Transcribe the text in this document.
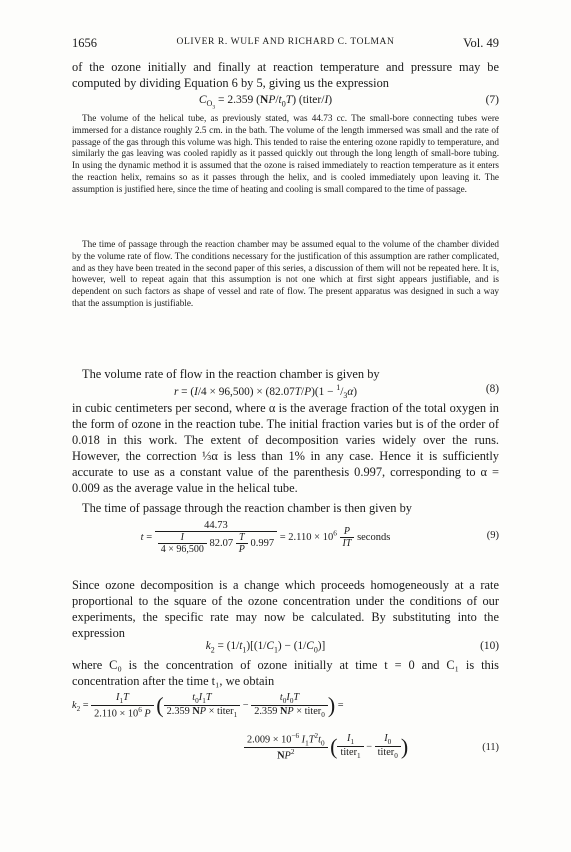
1656	OLIVER R. WULF AND RICHARD C. TOLMAN	Vol. 49

of the ozone initially and finally at reaction temperature and pressure may be computed by dividing Equation 6 by 5, giving us the expression

$C_{O_3} = 2.359$ $(NP/t_0T)$ (titer/I)	(7)

The volume of the helical tube, as previously stated, was 44.73 cc. The small-bore connecting tubes were immersed for a distance roughly 2.5 cm. in the bath. The volume of the length immersed was small and the rate of passage of the gas through this volume was high. This tended to raise the entering ozone rapidly to temperature, and similarly the gas leaving was cooled rapidly as it passed quickly out through the long length of small-bore tubing. In using the dynamic method it is assumed that the ozone is raised immediately to reaction temperature as it enters the reaction helix, remains so as it passes through the helix, and is cooled immediately upon leaving it. The assumption is justified here, since the time of heating and cooling is small compared to the time of passage.

The time of passage through the reaction chamber may be assumed equal to the volume of the chamber divided by the volume rate of flow. The conditions necessary for the justification of this assumption are rather complicated, and as they have been treated in the second paper of this series, a discussion of them will not be repeated here. It is, however, well to repeat again that this assumption is not one which at first sight appears justifiable, and is dependent on such factors as shape of vessel and rate of flow. The present apparatus was designed in such a way that the assumption is justifiable.

The volume rate of flow in the reaction chamber is given by

$r = (I/4 \times 96,500) \times (82.07T/P)(1 - ^1/_3\alpha)$	(8)

in cubic centimeters per second, where α is the average fraction of the total oxygen in the form of ozone in the reaction tube. The initial fraction varies but is of the order of 0.018 in this work. The extent of decomposition varies widely over the runs. However, the correction ⅓α is less than 1% in any case. Hence it is sufficiently accurate to use as a constant value of the parenthesis 0.997, corresponding to α = 0.009 as the average value in the helical tube.

The time of passage through the reaction chamber is then given by

$t = \frac{44.73}{\frac{I}{4 \times 96,500} 82.07 \frac{T}{P} 0.997} = 2.110 \times 10^6 \frac{P}{IT}$ seconds	(9)

Since ozone decomposition is a change which proceeds homogeneously at a rate proportional to the square of the ozone concentration under the conditions of our experiments, the specific rate may now be calculated. By substituting into the expression

$k_2 = (1/t_1)[(1/C_1) - (1/C_0)]$	(10)

where C₀ is the concentration of ozone initially at time t = 0 and C₁ is this concentration after the time t₁, we obtain

$k_2 = \frac{I_1T}{2.110 \times 10^6 P}$ ( $\frac{t_0I_1T}{2.359 NP \times titer_1} - \frac{t_0I_0T}{2.359 NP \times titer_0}$ ) =
$\frac{2.009 \times 10^{-6} I_1T^2t_0}{NP^2}$ ( $\frac{I_1}{titer_1} - \frac{I_0}{titer_0}$ )	(11)
